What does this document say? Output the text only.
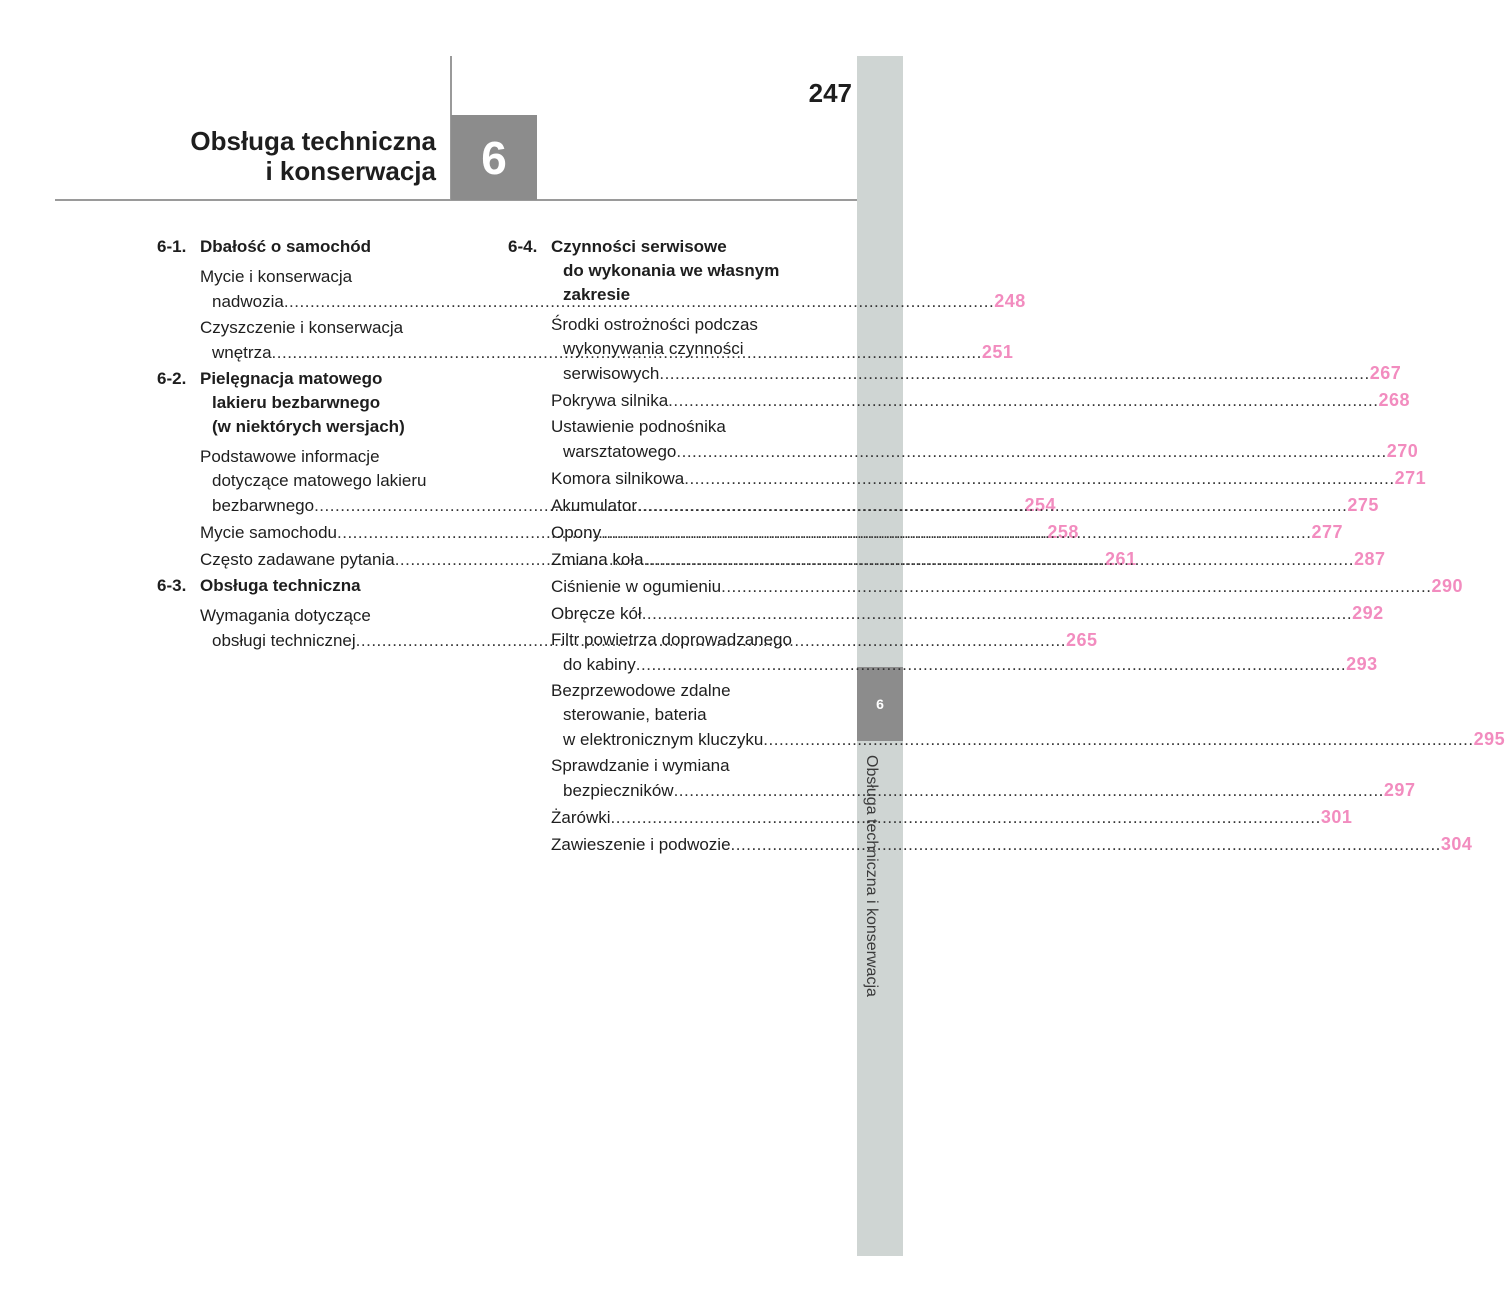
247
Obsługa techniczna
i konserwacja 6
6
Obsługa techniczna i konserwacja
6-1. Dbałość o samochód
Mycie i konserwacja
nadwozia .....	248
Czyszczenie i konserwacja
wnętrza .....	251
6-2. Pielęgnacja matowego
lakieru bezbarwnego
(w niektórych wersjach)
Podstawowe informacje
dotyczące matowego lakieru
bezbarwnego .....	254
Mycie samochodu .....	258
Często zadawane pytania .....	261
6-3. Obsługa techniczna
Wymagania dotyczące
obsługi technicznej .....	265
6-4. Czynności serwisowe
do wykonania we własnym
zakresie
Środki ostrożności podczas
wykonywania czynności
serwisowych .....	267
Pokrywa silnika .....	268
Ustawienie podnośnika
warsztatowego .....	270
Komora silnikowa .....	271
Akumulator .....	275
Opony .....	277
Zmiana koła .....	287
Ciśnienie w ogumieniu .....	290
Obręcze kół .....	292
Filtr powietrza doprowadzanego
do kabiny .....	293
Bezprzewodowe zdalne
sterowanie, bateria
w elektronicznym kluczyku .....	295
Sprawdzanie i wymiana
bezpieczników .....	297
Żarówki .....	301
Zawieszenie i podwozie .....	304
